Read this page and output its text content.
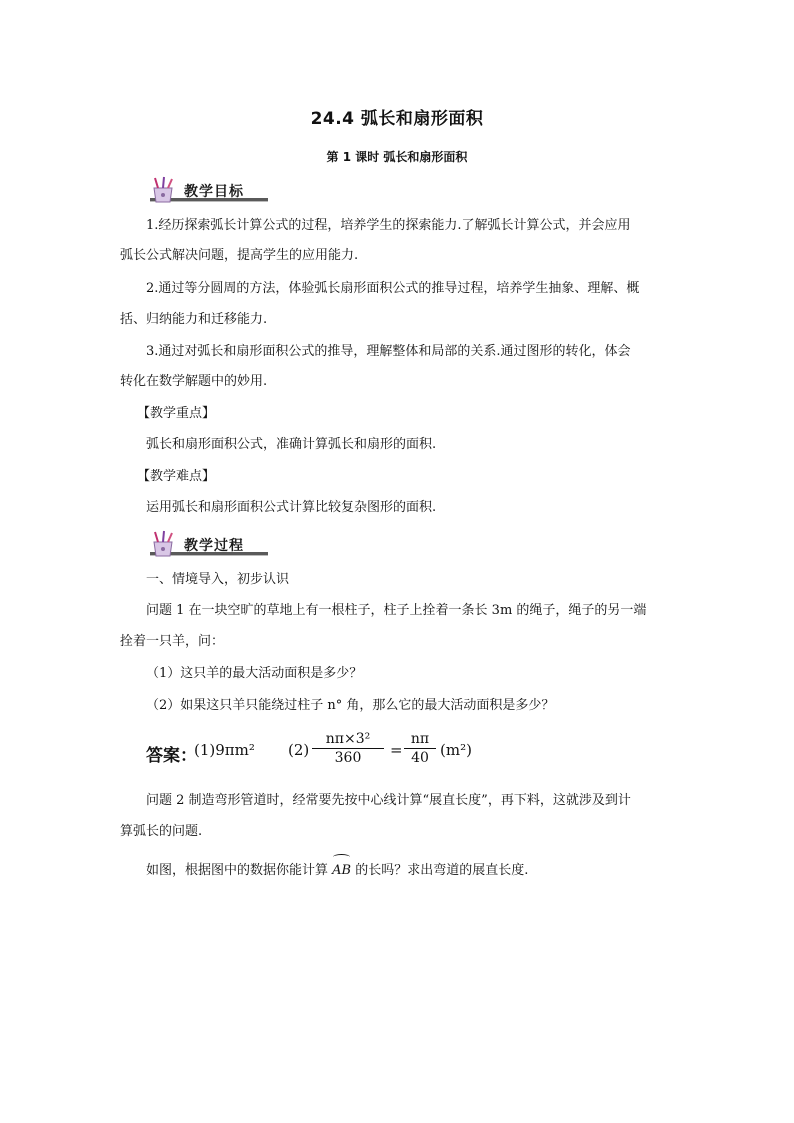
24.4 弧长和扇形面积
第 1 课时 弧长和扇形面积
教学目标

1.经历探索弧长计算公式的过程，培养学生的探索能力.了解弧长计算公式，并会应用

弧长公式解决问题，提高学生的应用能力.

2.通过等分圆周的方法，体验弧长扇形面积公式的推导过程，培养学生抽象、理解、概

括、归纳能力和迁移能力.

3.通过对弧长和扇形面积公式的推导，理解整体和局部的关系.通过图形的转化，体会

转化在数学解题中的妙用.

【教学重点】

弧长和扇形面积公式，准确计算弧长和扇形的面积.

【教学难点】

运用弧长和扇形面积公式计算比较复杂图形的面积.

教学过程

一、情境导入，初步认识

问题 1 在一块空旷的草地上有一根柱子，柱子上拴着一条长 3m 的绳子，绳子的另一端

拴着一只羊，问：

（1）这只羊的最大活动面积是多少？

（2）如果这只羊只能绕过柱子 n° 角，那么它的最大活动面积是多少？

答案：
(1)9πm² $(2) \frac{\text{nπ×3²}}{360} = \frac{n\pi}{40} (m^2)$

问题 2 制造弯形管道时，经常要先按中心线计算“展直长度”，再下料，这就涉及到计

算弧长的问题.

如图，根据图中的数据你能计算 AB 的长吗？求出弯道的展直长度.
